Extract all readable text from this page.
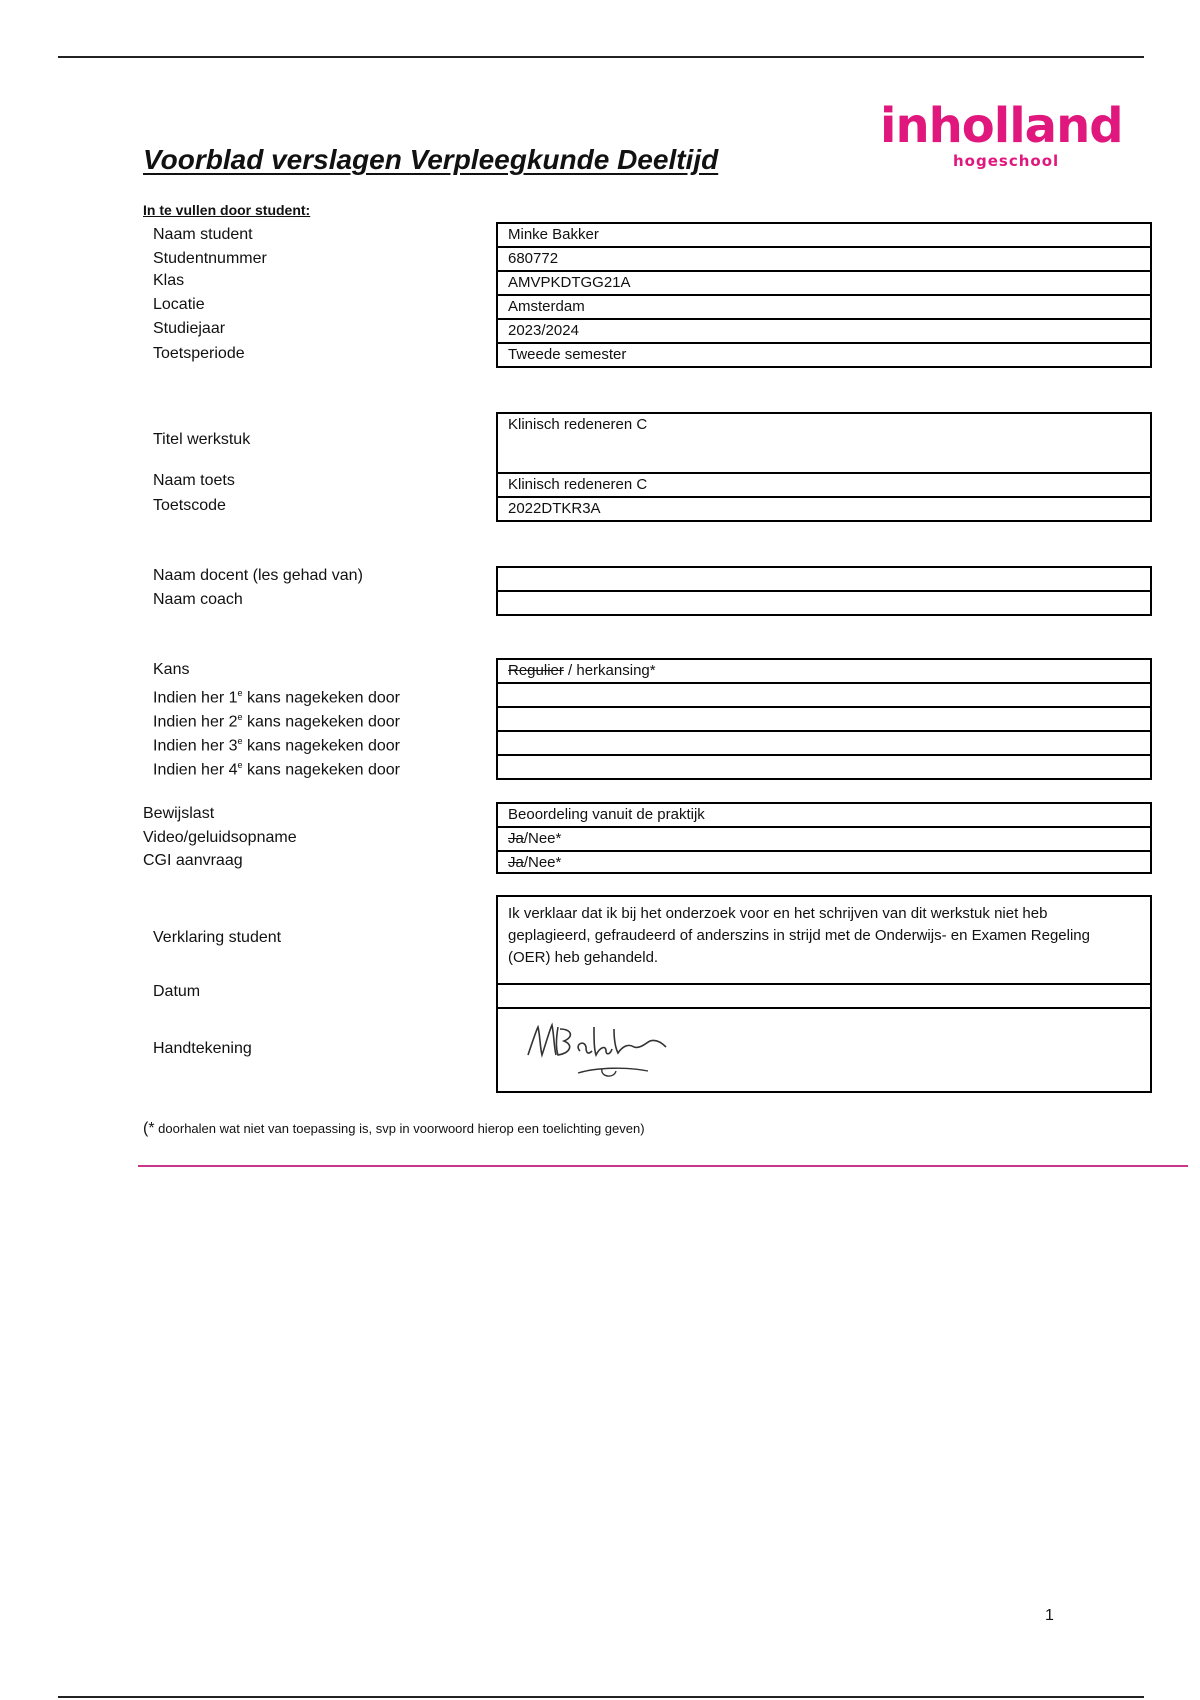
inholland
hogeschool
Voorblad verslagen Verpleegkunde Deeltijd
In te vullen door student:
Naam student
Studentnummer
Klas
Locatie
Studiejaar
Toetsperiode
Minke Bakker
680772
AMVPKDTGG21A
Amsterdam
2023/2024
Tweede semester
Titel werkstuk
Naam toets
Toetscode
Klinisch redeneren C
Klinisch redeneren C
2022DTKR3A
Naam docent (les gehad van)
Naam coach
Kans
Indien her 1e kans nagekeken door
Indien her 2e kans nagekeken door
Indien her 3e kans nagekeken door
Indien her 4e kans nagekeken door
Regulier / herkansing*
Bewijslast
Video/geluidsopname
CGI aanvraag
Beoordeling vanuit de praktijk
Ja/Nee*
Ja/Nee*
Verklaring student
Datum
Handtekening
Ik verklaar dat ik bij het onderzoek voor en het schrijven van dit werkstuk niet heb geplagieerd, gefraudeerd of anderszins in strijd met de Onderwijs- en Examen Regeling (OER) heb gehandeld.
(* doorhalen wat niet van toepassing is, svp in voorwoord hierop een toelichting geven)
1
